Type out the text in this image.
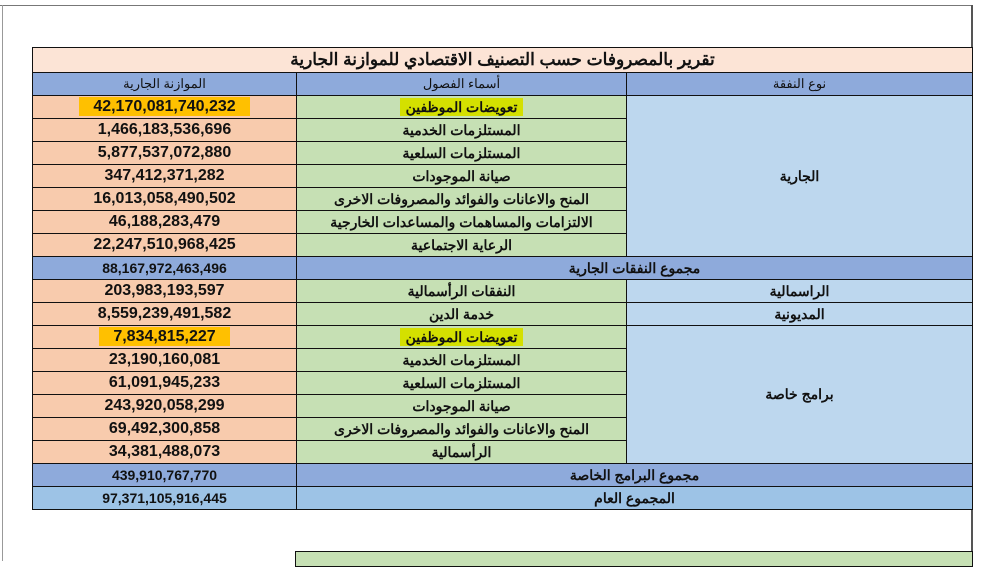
تقرير بالمصروفات حسب التصنيف الاقتصادي للموازنة الجارية		
الموازنة الجارية	أسماء الفصول	نوع النفقة
42,170,081,740,232	تعويضات الموظفين	الجارية
1,466,183,536,696	المستلزمات الخدمية	
5,877,537,072,880	المستلزمات السلعية	
347,412,371,282	صيانة الموجودات	
16,013,058,490,502	المنح والاعانات والفوائد والمصروفات الاخرى	
46,188,283,479	الالتزامات والمساهمات والمساعدات الخارجية	
22,247,510,968,425	الرعاية الاجتماعية	
88,167,972,463,496	مجموع النفقات الجارية	
203,983,193,597	النفقات الرأسمالية	الراسمالية
8,559,239,491,582	خدمة الدين	المديونية
7,834,815,227	تعويضات الموظفين	برامج خاصة
23,190,160,081	المستلزمات الخدمية	
61,091,945,233	المستلزمات السلعية	
243,920,058,299	صيانة الموجودات	
69,492,300,858	المنح والاعانات والفوائد والمصروفات الاخرى	
34,381,488,073	الرأسمالية	
439,910,767,770	مجموع البرامج الخاصة	
97,371,105,916,445	المجموع العام	
